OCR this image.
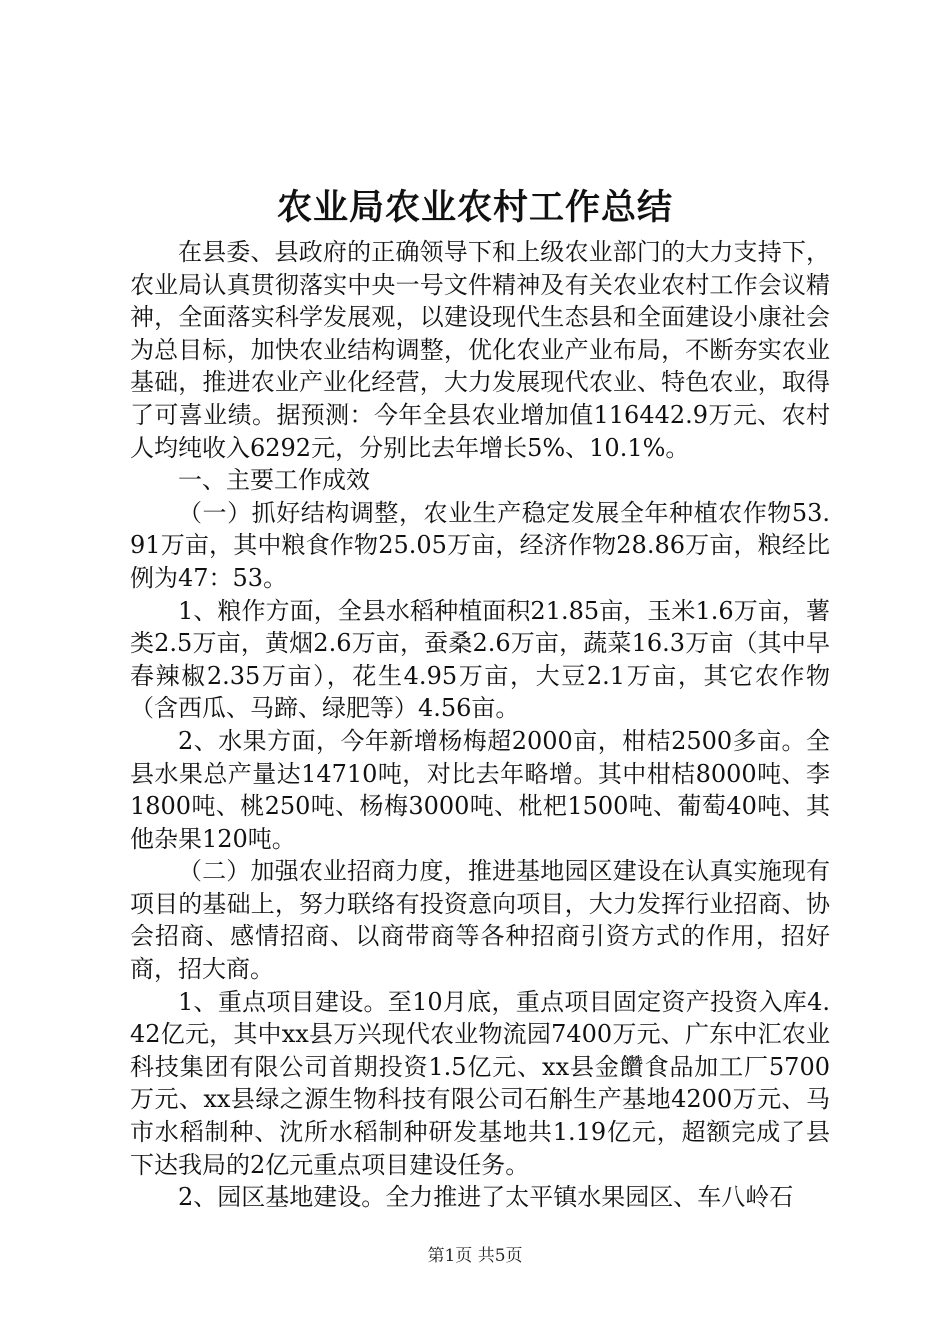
农业局农业农村工作总结

在县委、县政府的正确领导下和上级农业部门的大力支持下，农业局认真贯彻落实中央一号文件精神及有关农业农村工作会议精神，全面落实科学发展观，以建设现代生态县和全面建设小康社会为总目标，加快农业结构调整，优化农业产业布局，不断夯实农业基础，推进农业产业化经营，大力发展现代农业、特色农业，取得了可喜业绩。据预测：今年全县农业增加值116442.9万元、农村人均纯收入6292元，分别比去年增长5%、10.1%。

一、主要工作成效

（一）抓好结构调整，农业生产稳定发展全年种植农作物53.91万亩，其中粮食作物25.05万亩，经济作物28.86万亩，粮经比例为47：53。

1、粮作方面，全县水稻种植面积21.85亩，玉米1.6万亩，薯类2.5万亩，黄烟2.6万亩，蚕桑2.6万亩，蔬菜16.3万亩（其中早春辣椒2.35万亩），花生4.95万亩，大豆2.1万亩，其它农作物（含西瓜、马蹄、绿肥等）4.56亩。

2、水果方面，今年新增杨梅超2000亩，柑桔2500多亩。全县水果总产量达14710吨，对比去年略增。其中柑桔8000吨、李1800吨、桃250吨、杨梅3000吨、枇杷1500吨、葡萄40吨、其他杂果120吨。

（二）加强农业招商力度，推进基地园区建设在认真实施现有项目的基础上，努力联络有投资意向项目，大力发挥行业招商、协会招商、感情招商、以商带商等各种招商引资方式的作用，招好商，招大商。

1、重点项目建设。至10月底，重点项目固定资产投资入库4.42亿元，其中xx县万兴现代农业物流园7400万元、广东中汇农业科技集团有限公司首期投资1.5亿元、xx县金饡食品加工厂5700万元、xx县绿之源生物科技有限公司石斛生产基地4200万元、马市水稻制种、沈所水稻制种研发基地共1.19亿元，超额完成了县下达我局的2亿元重点项目建设任务。

2、园区基地建设。全力推进了太平镇水果园区、车八岭石

第1页 共5页
